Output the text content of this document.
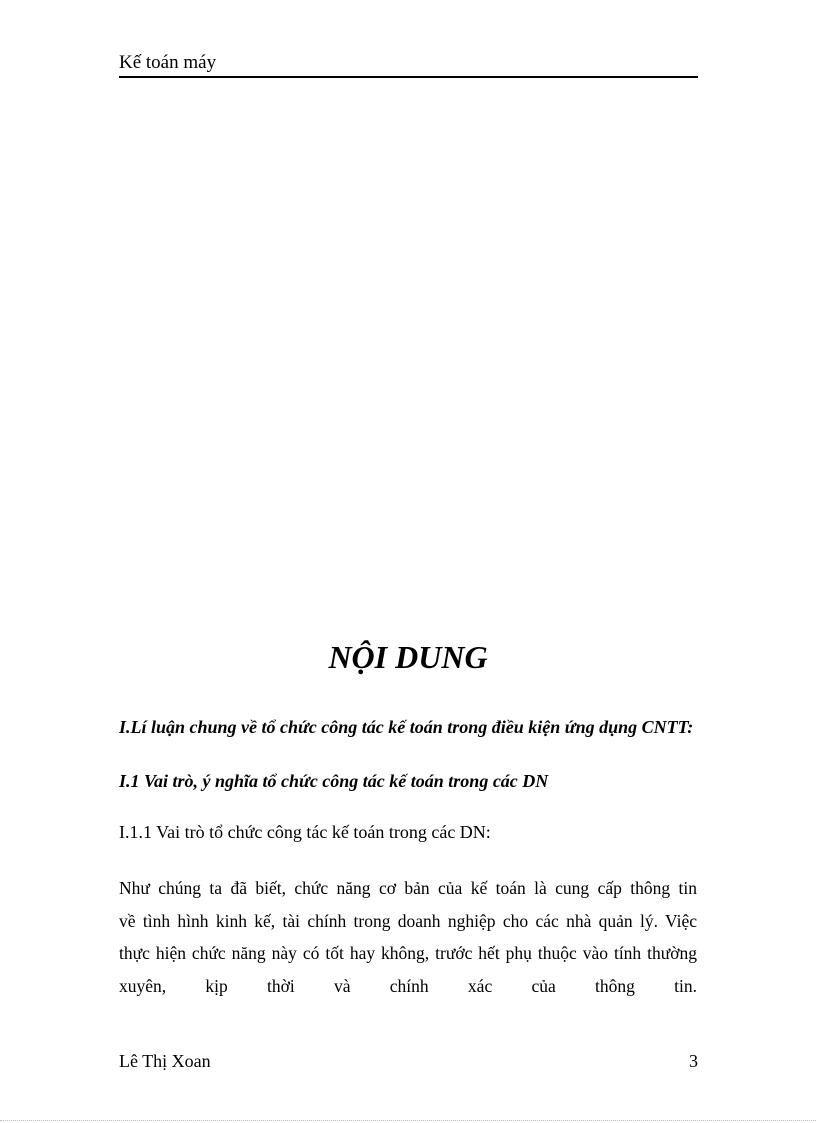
Kế toán máy
NỘI DUNG
I.Lí luận chung về tổ chức công tác kế toán trong điều kiện ứng dụng CNTT:
I.1 Vai trò, ý nghĩa tổ chức công tác kế toán trong các DN
I.1.1 Vai trò tổ chức công tác kế toán trong các DN:
Như chúng ta đã biết, chức năng cơ bản của kế toán là cung cấp thông tin
về tình hình kinh kế, tài chính trong doanh nghiệp cho các nhà quản lý. Việc
thực hiện chức năng này có tốt hay không, trước hết phụ thuộc vào tính thường
xuyên, kịp thời và chính xác của thông tin.
Lê Thị Xoan	3
